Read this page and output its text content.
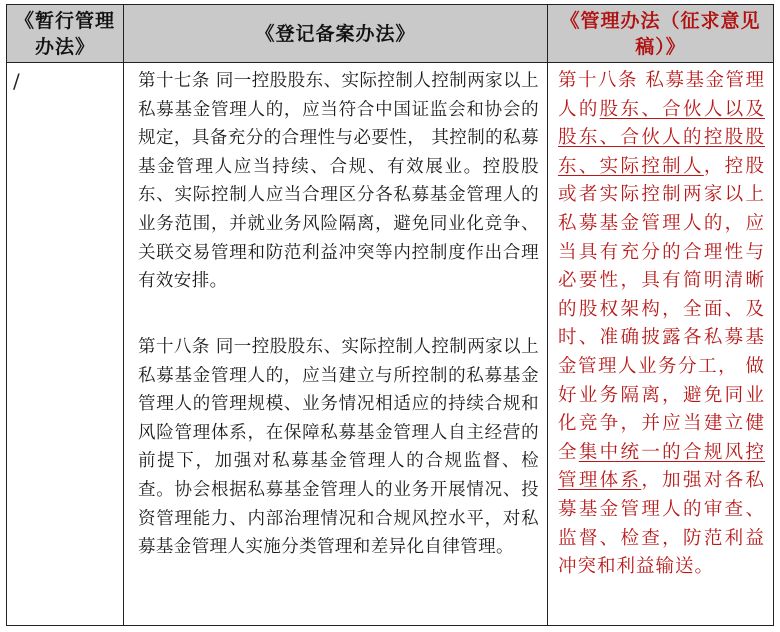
《暂行管理办法》
《登记备案办法》
《管理办法（征求意见稿）》
/	第十七条 同一控股股东、实际控制人控制两家以上私募基金管理人的，应当符合中国证监会和协会的规定，具备充分的合理性与必要性， 其控制的私募基金管理人应当持续、合规、有效展业。控股股东、实际控制人应当合理区分各私募基金管理人的业务范围，并就业务风险隔离，避免同业化竞争、关联交易管理和防范利益冲突等内控制度作出合理有效安排。
第十八条 同一控股股东、实际控制人控制两家以上私募基金管理人的，应当建立与所控制的私募基金管理人的管理规模、业务情况相适应的持续合规和风险管理体系，在保障私募基金管理人自主经营的前提下，加强对私募基金管理人的合规监督、检查。协会根据私募基金管理人的业务开展情况、投资管理能力、内部治理情况和合规风控水平，对私募基金管理人实施分类管理和差异化自律管理。
第十八条 私募基金管理人的股东、合伙人以及股东、合伙人的控股股东、实际控制人，控股或者实际控制两家以上私募基金管理人的，应当具有充分的合理性与必要性，具有简明清晰的股权架构，全面、及时、准确披露各私募基金管理人业务分工， 做好业务隔离，避免同业化竞争，并应当建立健全集中统一的合规风控管理体系，加强对各私募基金管理人的审查、监督、检查，防范利益冲突和利益输送。
